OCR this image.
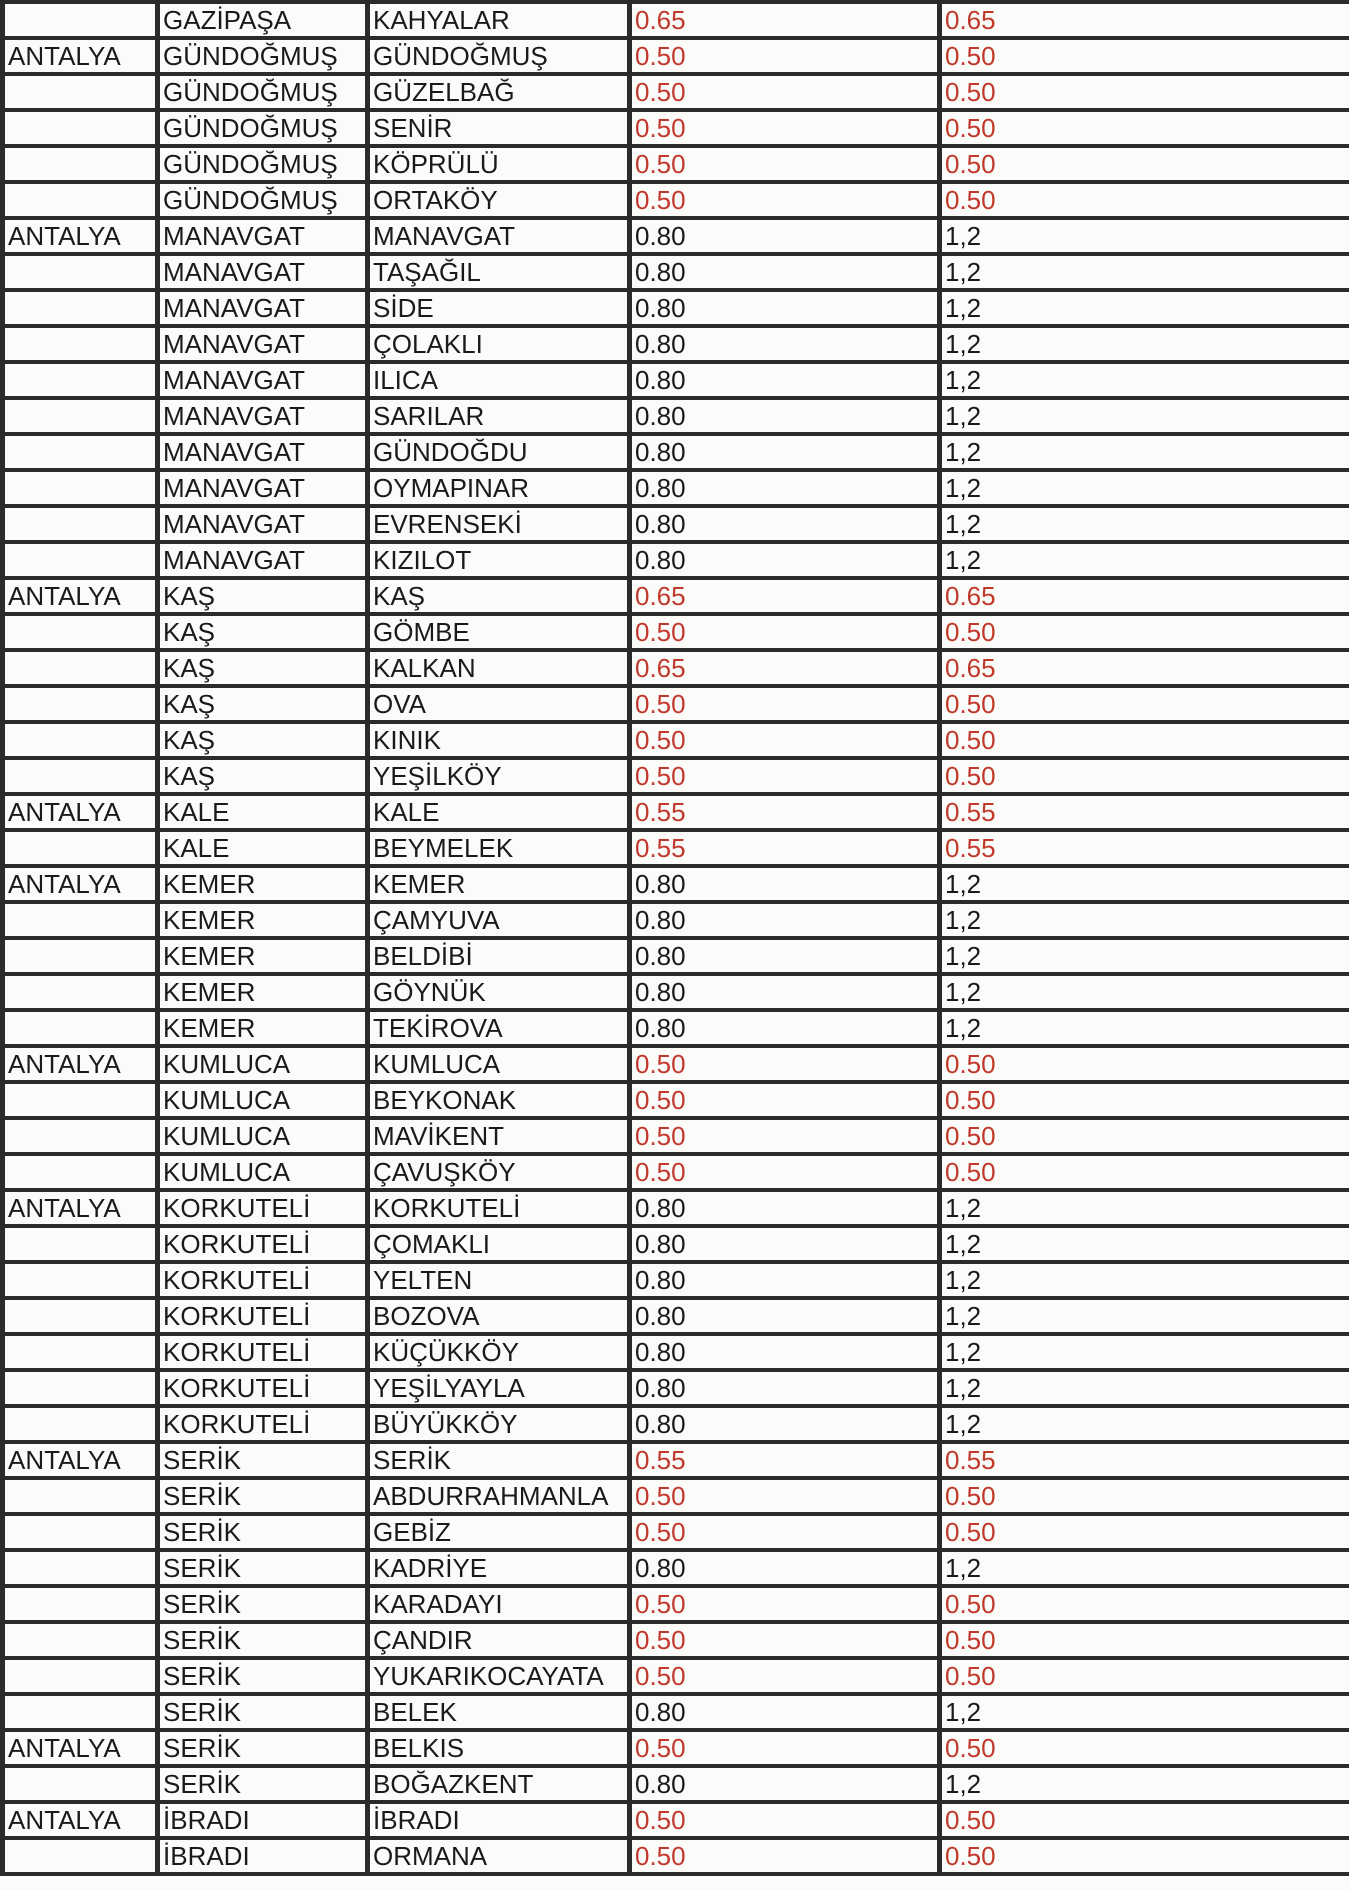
	GAZİPAŞA	KAHYALAR	0.65	0.65
ANTALYA	GÜNDOĞMUŞ	GÜNDOĞMUŞ	0.50	0.50
	GÜNDOĞMUŞ	GÜZELBAĞ	0.50	0.50
	GÜNDOĞMUŞ	SENİR	0.50	0.50
	GÜNDOĞMUŞ	KÖPRÜLÜ	0.50	0.50
	GÜNDOĞMUŞ	ORTAKÖY	0.50	0.50
ANTALYA	MANAVGAT	MANAVGAT	0.80	1,2
	MANAVGAT	TAŞAĞIL	0.80	1,2
	MANAVGAT	SİDE	0.80	1,2
	MANAVGAT	ÇOLAKLI	0.80	1,2
	MANAVGAT	ILICA	0.80	1,2
	MANAVGAT	SARILAR	0.80	1,2
	MANAVGAT	GÜNDOĞDU	0.80	1,2
	MANAVGAT	OYMAPINAR	0.80	1,2
	MANAVGAT	EVRENSEKİ	0.80	1,2
	MANAVGAT	KIZILOT	0.80	1,2
ANTALYA	KAŞ	KAŞ	0.65	0.65
	KAŞ	GÖMBE	0.50	0.50
	KAŞ	KALKAN	0.65	0.65
	KAŞ	OVA	0.50	0.50
	KAŞ	KINIK	0.50	0.50
	KAŞ	YEŞİLKÖY	0.50	0.50
ANTALYA	KALE	KALE	0.55	0.55
	KALE	BEYMELEK	0.55	0.55
ANTALYA	KEMER	KEMER	0.80	1,2
	KEMER	ÇAMYUVA	0.80	1,2
	KEMER	BELDİBİ	0.80	1,2
	KEMER	GÖYNÜK	0.80	1,2
	KEMER	TEKİROVA	0.80	1,2
ANTALYA	KUMLUCA	KUMLUCA	0.50	0.50
	KUMLUCA	BEYKONAK	0.50	0.50
	KUMLUCA	MAVİKENT	0.50	0.50
	KUMLUCA	ÇAVUŞKÖY	0.50	0.50
ANTALYA	KORKUTELİ	KORKUTELİ	0.80	1,2
	KORKUTELİ	ÇOMAKLI	0.80	1,2
	KORKUTELİ	YELTEN	0.80	1,2
	KORKUTELİ	BOZOVA	0.80	1,2
	KORKUTELİ	KÜÇÜKKÖY	0.80	1,2
	KORKUTELİ	YEŞİLYAYLA	0.80	1,2
	KORKUTELİ	BÜYÜKKÖY	0.80	1,2
ANTALYA	SERİK	SERİK	0.55	0.55
	SERİK	ABDURRAHMANLA	0.50	0.50
	SERİK	GEBİZ	0.50	0.50
	SERİK	KADRİYE	0.80	1,2
	SERİK	KARADAYI	0.50	0.50
	SERİK	ÇANDIR	0.50	0.50
	SERİK	YUKARIKOCAYATA	0.50	0.50
	SERİK	BELEK	0.80	1,2
ANTALYA	SERİK	BELKIS	0.50	0.50
	SERİK	BOĞAZKENT	0.80	1,2
ANTALYA	İBRADI	İBRADI	0.50	0.50
	İBRADI	ORMANA	0.50	0.50
